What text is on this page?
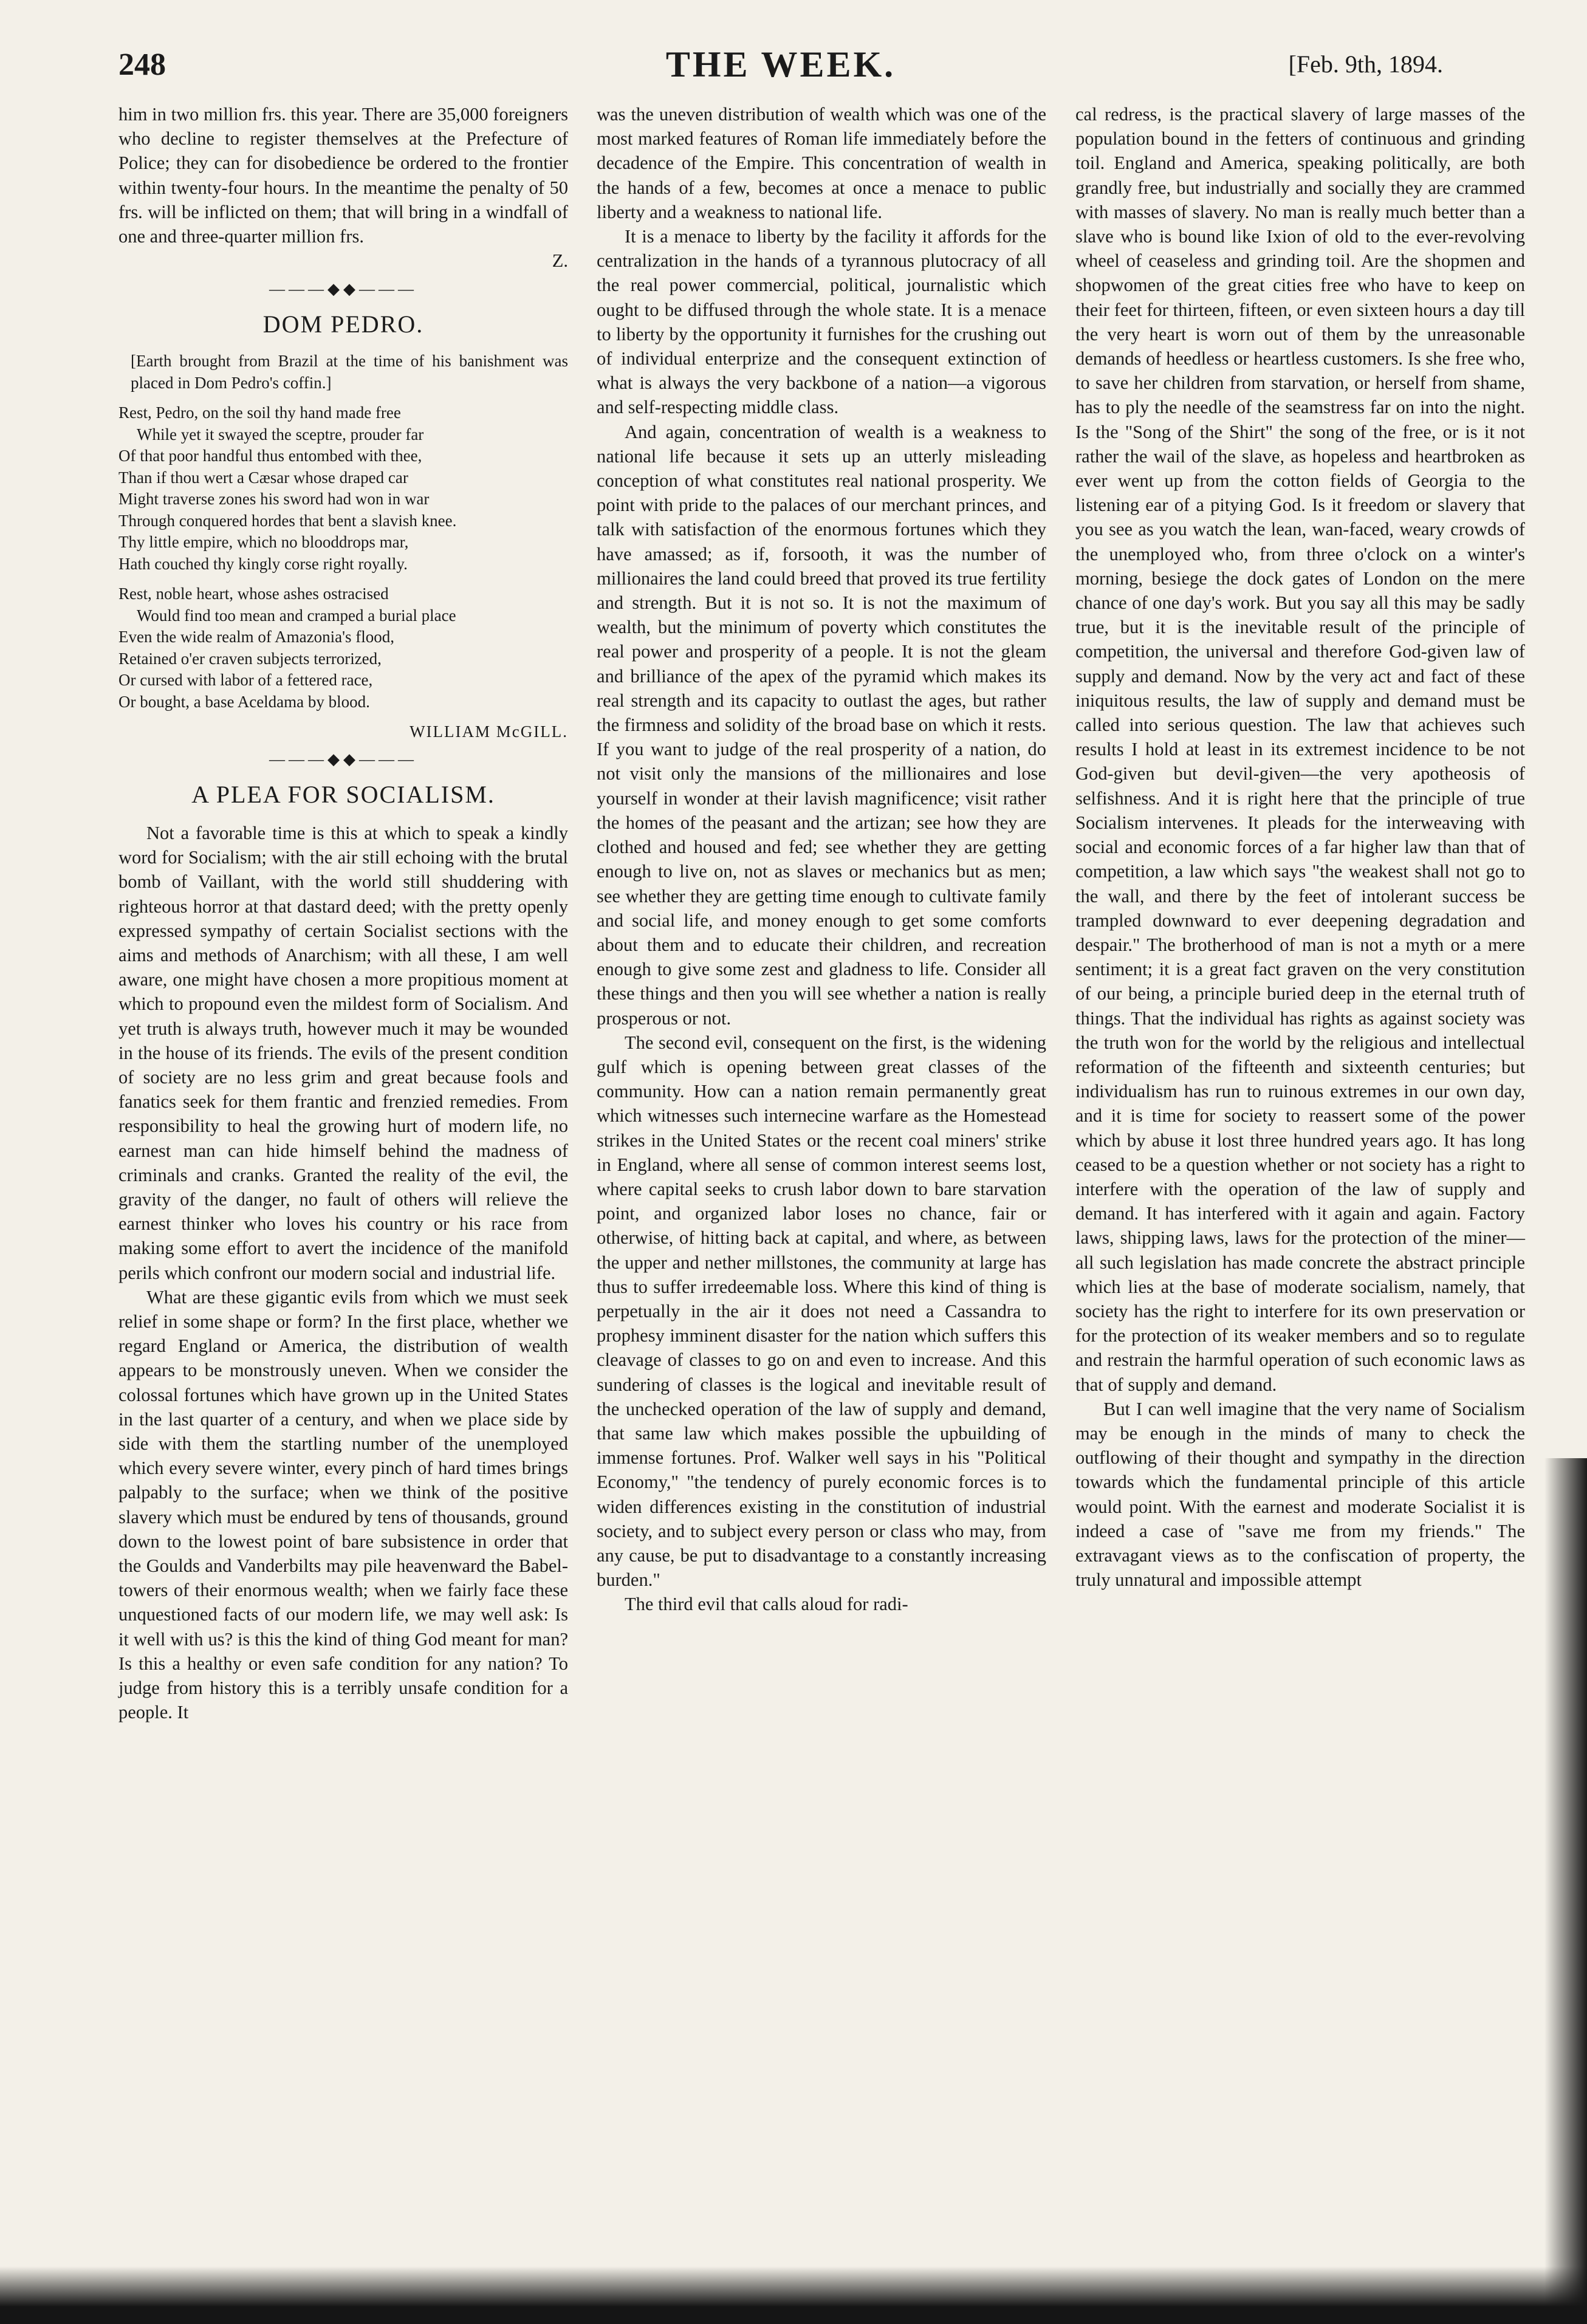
248	THE WEEK.	[Feb. 9th, 1894.

him in two million frs. this year. There are 35,000 foreigners who decline to register themselves at the Prefecture of Police; they can for disobedience be ordered to the frontier within twenty-four hours. In the meantime the penalty of 50 frs. will be inflicted on them; that will bring in a windfall of one and three-quarter million frs.

Z.

———◆◆———
DOM PEDRO.

[Earth brought from Brazil at the time of his banishment was placed in Dom Pedro's coffin.]

Rest, Pedro, on the soil thy hand made free
While yet it swayed the sceptre, prouder far
Of that poor handful thus entombed with thee,
Than if thou wert a Cæsar whose draped car
Might traverse zones his sword had won in war
Through conquered hordes that bent a slavish knee.
Thy little empire, which no blooddrops mar,
Hath couched thy kingly corse right royally.
Rest, noble heart, whose ashes ostracised
Would find too mean and cramped a burial place
Even the wide realm of Amazonia's flood,
Retained o'er craven subjects terrorized,
Or cursed with labor of a fettered race,
Or bought, a base Aceldama by blood.

WILLIAM McGILL.

———◆◆———
A PLEA FOR SOCIALISM.

Not a favorable time is this at which to speak a kindly word for Socialism; with the air still echoing with the brutal bomb of Vaillant, with the world still shuddering with righteous horror at that dastard deed; with the pretty openly expressed sympathy of certain Socialist sections with the aims and methods of Anarchism; with all these, I am well aware, one might have chosen a more propitious moment at which to propound even the mildest form of Socialism. And yet truth is always truth, however much it may be wounded in the house of its friends. The evils of the present condition of society are no less grim and great because fools and fanatics seek for them frantic and frenzied remedies. From responsibility to heal the growing hurt of modern life, no earnest man can hide himself behind the madness of criminals and cranks. Granted the reality of the evil, the gravity of the danger, no fault of others will relieve the earnest thinker who loves his country or his race from making some effort to avert the incidence of the manifold perils which confront our modern social and industrial life.

What are these gigantic evils from which we must seek relief in some shape or form? In the first place, whether we regard England or America, the distribution of wealth appears to be monstrously uneven. When we consider the colossal fortunes which have grown up in the United States in the last quarter of a century, and when we place side by side with them the startling number of the unemployed which every severe winter, every pinch of hard times brings palpably to the surface; when we think of the positive slavery which must be endured by tens of thousands, ground down to the lowest point of bare subsistence in order that the Goulds and Vanderbilts may pile heavenward the Babel-towers of their enormous wealth; when we fairly face these unquestioned facts of our modern life, we may well ask: Is it well with us? is this the kind of thing God meant for man? Is this a healthy or even safe condition for any nation? To judge from history this is a terribly unsafe condition for a people. It

was the uneven distribution of wealth which was one of the most marked features of Roman life immediately before the decadence of the Empire. This concentration of wealth in the hands of a few, becomes at once a menace to public liberty and a weakness to national life.

It is a menace to liberty by the facility it affords for the centralization in the hands of a tyrannous plutocracy of all the real power commercial, political, journalistic which ought to be diffused through the whole state. It is a menace to liberty by the opportunity it furnishes for the crushing out of individual enterprize and the consequent extinction of what is always the very backbone of a nation—a vigorous and self-respecting middle class.

And again, concentration of wealth is a weakness to national life because it sets up an utterly misleading conception of what constitutes real national prosperity. We point with pride to the palaces of our merchant princes, and talk with satisfaction of the enormous fortunes which they have amassed; as if, forsooth, it was the number of millionaires the land could breed that proved its true fertility and strength. But it is not so. It is not the maximum of wealth, but the minimum of poverty which constitutes the real power and prosperity of a people. It is not the gleam and brilliance of the apex of the pyramid which makes its real strength and its capacity to outlast the ages, but rather the firmness and solidity of the broad base on which it rests. If you want to judge of the real prosperity of a nation, do not visit only the mansions of the millionaires and lose yourself in wonder at their lavish magnificence; visit rather the homes of the peasant and the artizan; see how they are clothed and housed and fed; see whether they are getting enough to live on, not as slaves or mechanics but as men; see whether they are getting time enough to cultivate family and social life, and money enough to get some comforts about them and to educate their children, and recreation enough to give some zest and gladness to life. Consider all these things and then you will see whether a nation is really prosperous or not.

The second evil, consequent on the first, is the widening gulf which is opening between great classes of the community. How can a nation remain permanently great which witnesses such internecine warfare as the Homestead strikes in the United States or the recent coal miners' strike in England, where all sense of common interest seems lost, where capital seeks to crush labor down to bare starvation point, and organized labor loses no chance, fair or otherwise, of hitting back at capital, and where, as between the upper and nether millstones, the community at large has thus to suffer irredeemable loss. Where this kind of thing is perpetually in the air it does not need a Cassandra to prophesy imminent disaster for the nation which suffers this cleavage of classes to go on and even to increase. And this sundering of classes is the logical and inevitable result of the unchecked operation of the law of supply and demand, that same law which makes possible the upbuilding of immense fortunes. Prof. Walker well says in his "Political Economy," "the tendency of purely economic forces is to widen differences existing in the constitution of industrial society, and to subject every person or class who may, from any cause, be put to disadvantage to a constantly increasing burden."

The third evil that calls aloud for radi-

cal redress, is the practical slavery of large masses of the population bound in the fetters of continuous and grinding toil. England and America, speaking politically, are both grandly free, but industrially and socially they are crammed with masses of slavery. No man is really much better than a slave who is bound like Ixion of old to the ever-revolving wheel of ceaseless and grinding toil. Are the shopmen and shopwomen of the great cities free who have to keep on their feet for thirteen, fifteen, or even sixteen hours a day till the very heart is worn out of them by the unreasonable demands of heedless or heartless customers. Is she free who, to save her children from starvation, or herself from shame, has to ply the needle of the seamstress far on into the night. Is the "Song of the Shirt" the song of the free, or is it not rather the wail of the slave, as hopeless and heartbroken as ever went up from the cotton fields of Georgia to the listening ear of a pitying God. Is it freedom or slavery that you see as you watch the lean, wan-faced, weary crowds of the unemployed who, from three o'clock on a winter's morning, besiege the dock gates of London on the mere chance of one day's work. But you say all this may be sadly true, but it is the inevitable result of the principle of competition, the universal and therefore God-given law of supply and demand. Now by the very act and fact of these iniquitous results, the law of supply and demand must be called into serious question. The law that achieves such results I hold at least in its extremest incidence to be not God-given but devil-given—the very apotheosis of selfishness. And it is right here that the principle of true Socialism intervenes. It pleads for the interweaving with social and economic forces of a far higher law than that of competition, a law which says "the weakest shall not go to the wall, and there by the feet of intolerant success be trampled downward to ever deepening degradation and despair." The brotherhood of man is not a myth or a mere sentiment; it is a great fact graven on the very constitution of our being, a principle buried deep in the eternal truth of things. That the individual has rights as against society was the truth won for the world by the religious and intellectual reformation of the fifteenth and sixteenth centuries; but individualism has run to ruinous extremes in our own day, and it is time for society to reassert some of the power which by abuse it lost three hundred years ago. It has long ceased to be a question whether or not society has a right to interfere with the operation of the law of supply and demand. It has interfered with it again and again. Factory laws, shipping laws, laws for the protection of the miner—all such legislation has made concrete the abstract principle which lies at the base of moderate socialism, namely, that society has the right to interfere for its own preservation or for the protection of its weaker members and so to regulate and restrain the harmful operation of such economic laws as that of supply and demand.

But I can well imagine that the very name of Socialism may be enough in the minds of many to check the outflowing of their thought and sympathy in the direction towards which the fundamental principle of this article would point. With the earnest and moderate Socialist it is indeed a case of "save me from my friends." The extravagant views as to the confiscation of property, the truly unnatural and impossible attempt
